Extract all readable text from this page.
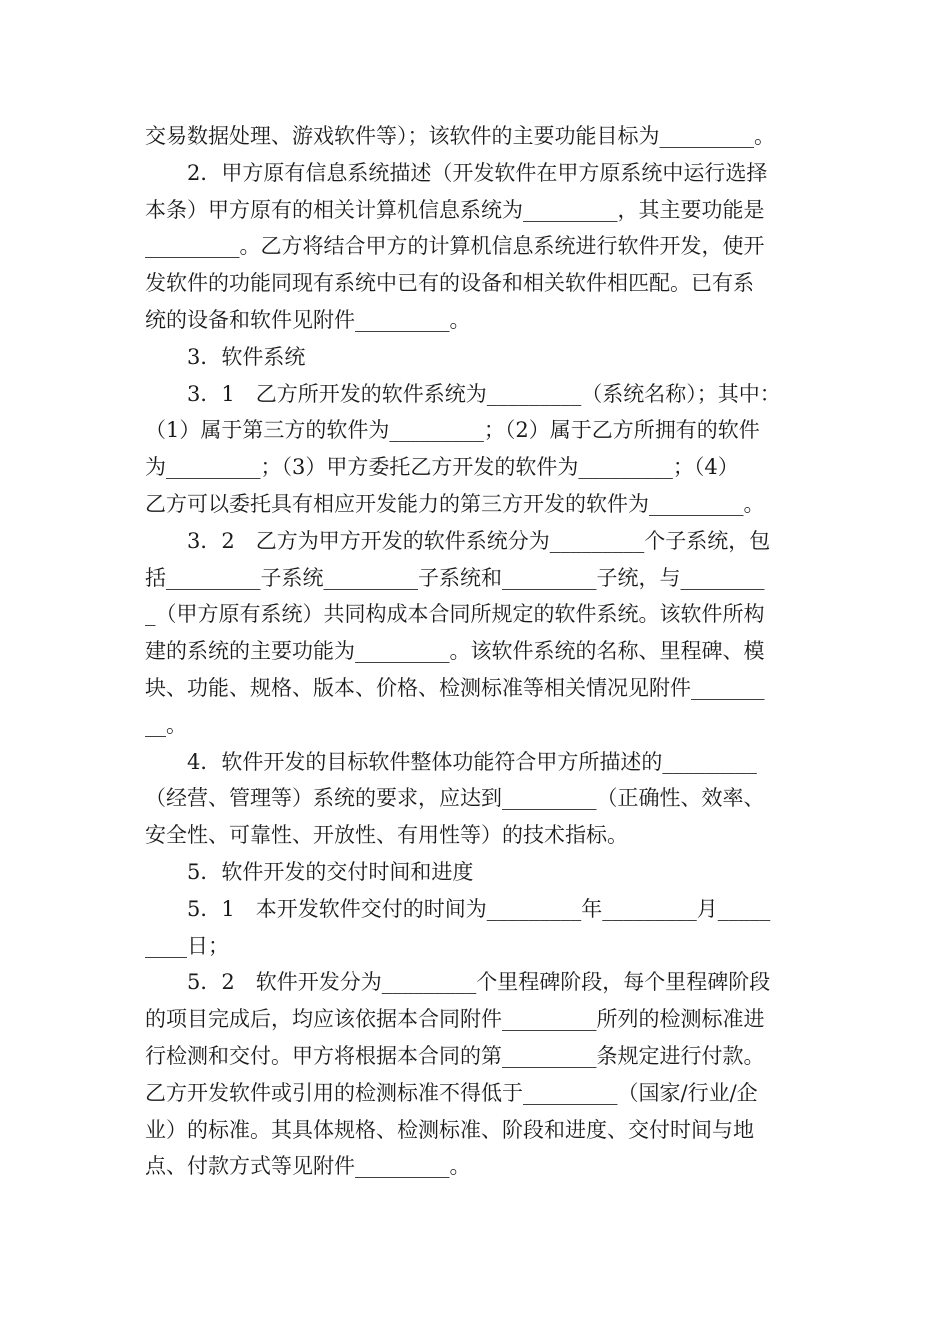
交易数据处理、游戏软件等）；该软件的主要功能目标为_________。
　　2．甲方原有信息系统描述（开发软件在甲方原系统中运行选择
本条）甲方原有的相关计算机信息系统为_________，其主要功能是
_________。乙方将结合甲方的计算机信息系统进行软件开发，使开
发软件的功能同现有系统中已有的设备和相关软件相匹配。已有系
统的设备和软件见附件_________。
　　3．软件系统
　　3．1　乙方所开发的软件系统为_________（系统名称）；其中：
（1）属于第三方的软件为_________；（2）属于乙方所拥有的软件
为_________；（3）甲方委托乙方开发的软件为_________；（4）
乙方可以委托具有相应开发能力的第三方开发的软件为_________。
　　3．2　乙方为甲方开发的软件系统分为_________个子系统，包
括_________子系统_________子系统和_________子统，与________
_（甲方原有系统）共同构成本合同所规定的软件系统。该软件所构
建的系统的主要功能为_________。该软件系统的名称、里程碑、模
块、功能、规格、版本、价格、检测标准等相关情况见附件_______
__。
　　4．软件开发的目标软件整体功能符合甲方所描述的_________
（经营、管理等）系统的要求，应达到_________（正确性、效率、
安全性、可靠性、开放性、有用性等）的技术指标。
　　5．软件开发的交付时间和进度
　　5．1　本开发软件交付的时间为_________年_________月_____
____日；
　　5．2　软件开发分为_________个里程碑阶段，每个里程碑阶段
的项目完成后，均应该依据本合同附件_________所列的检测标准进
行检测和交付。甲方将根据本合同的第_________条规定进行付款。
乙方开发软件或引用的检测标准不得低于_________（国家/行业/企
业）的标准。其具体规格、检测标准、阶段和进度、交付时间与地
点、付款方式等见附件_________。
